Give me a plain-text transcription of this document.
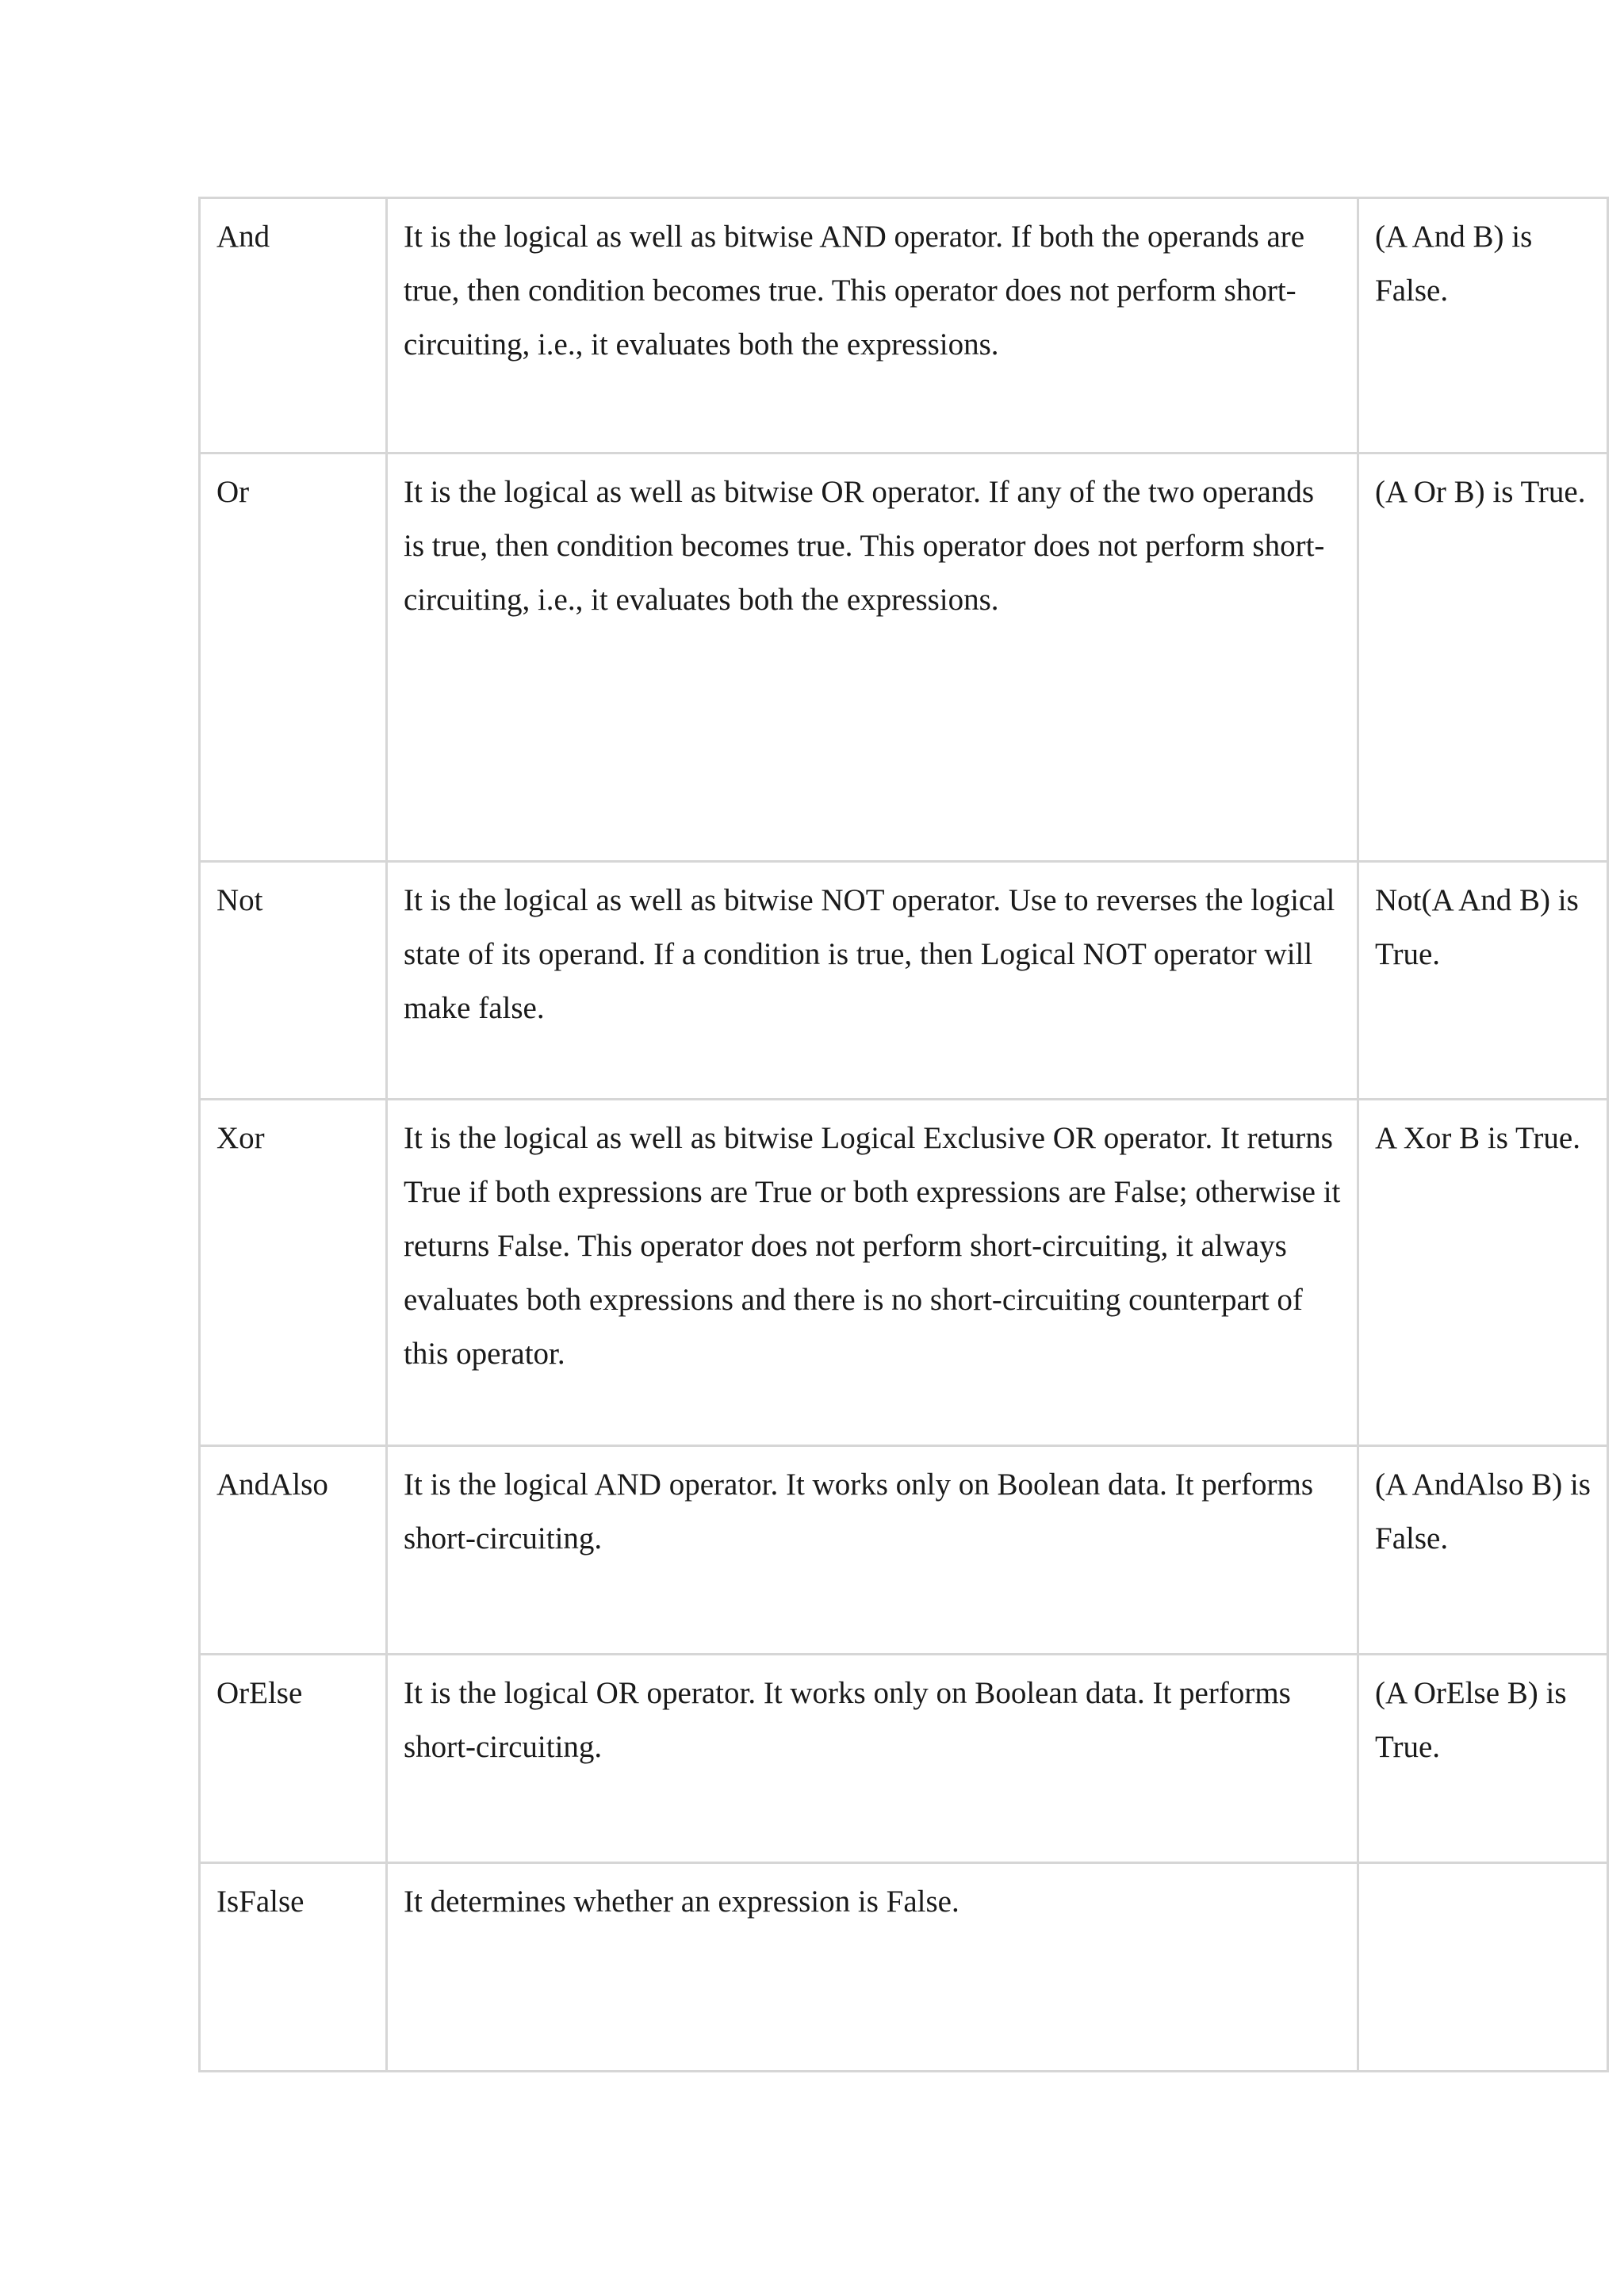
And	It is the logical as well as bitwise AND operator. If both the operands are true, then condition becomes true. This operator does not perform short-circuiting, i.e., it evaluates both the expressions.	(A And B) is False.
Or	It is the logical as well as bitwise OR operator. If any of the two operands is true, then condition becomes true. This operator does not perform short-circuiting, i.e., it evaluates both the expressions.	(A Or B) is True.
Not	It is the logical as well as bitwise NOT operator. Use to reverses the logical state of its operand. If a condition is true, then Logical NOT operator will make false.	Not(A And B) is True.
Xor	It is the logical as well as bitwise Logical Exclusive OR operator. It returns True if both expressions are True or both expressions are False; otherwise it returns False. This operator does not perform short-circuiting, it always evaluates both expressions and there is no short-circuiting counterpart of this operator.	A Xor B is True.
AndAlso	It is the logical AND operator. It works only on Boolean data. It performs short-circuiting.	(A AndAlso B) is False.
OrElse	It is the logical OR operator. It works only on Boolean data. It performs short-circuiting.	(A OrElse B) is True.
IsFalse	It determines whether an expression is False.	
